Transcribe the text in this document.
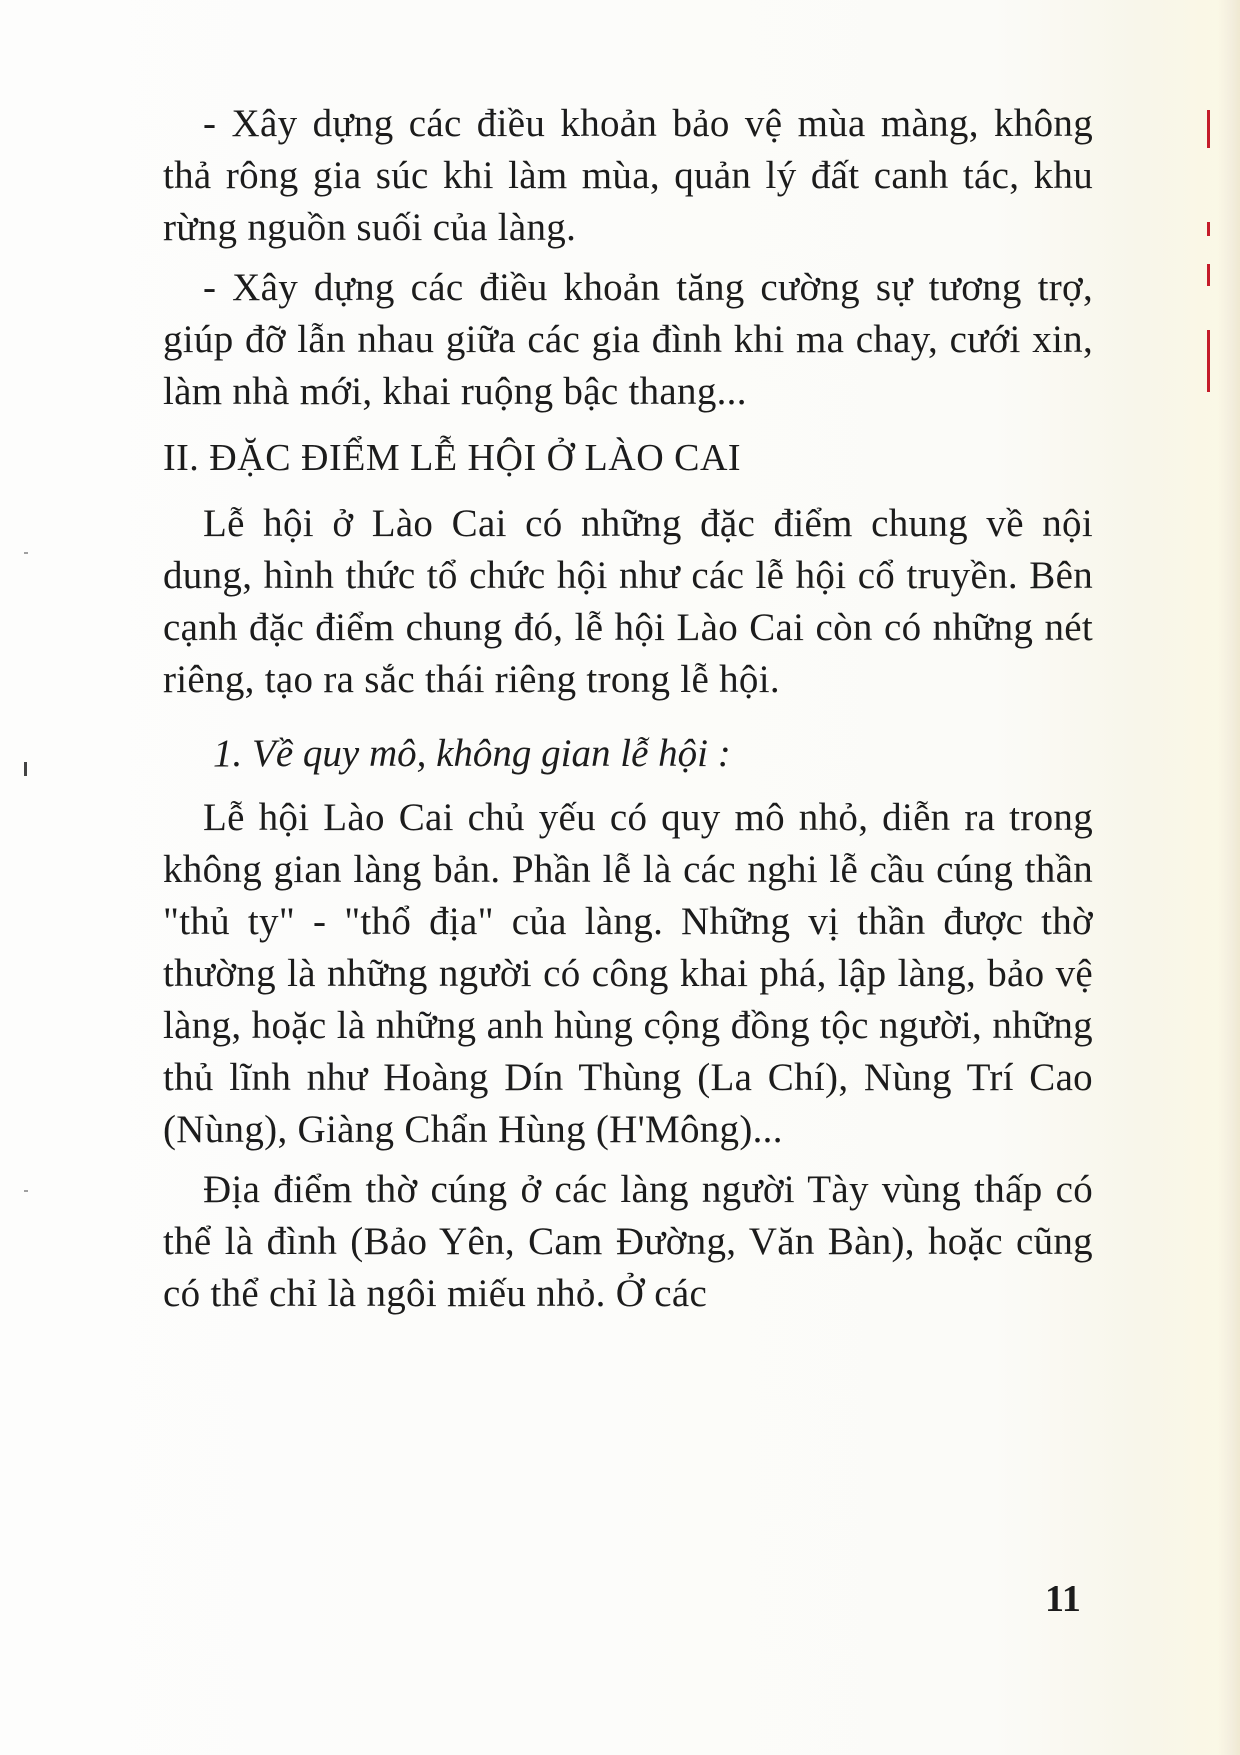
- Xây dựng các điều khoản bảo vệ mùa màng, không thả rông gia súc khi làm mùa, quản lý đất canh tác, khu rừng nguồn suối của làng.

- Xây dựng các điều khoản tăng cường sự tương trợ, giúp đỡ lẫn nhau giữa các gia đình khi ma chay, cưới xin, làm nhà mới, khai ruộng bậc thang...

II. ĐẶC ĐIỂM LỄ HỘI Ở LÀO CAI

Lễ hội ở Lào Cai có những đặc điểm chung về nội dung, hình thức tổ chức hội như các lễ hội cổ truyền. Bên cạnh đặc điểm chung đó, lễ hội Lào Cai còn có những nét riêng, tạo ra sắc thái riêng trong lễ hội.

1. Về quy mô, không gian lễ hội :

Lễ hội Lào Cai chủ yếu có quy mô nhỏ, diễn ra trong không gian làng bản. Phần lễ là các nghi lễ cầu cúng thần "thủ ty" - "thổ địa" của làng. Những vị thần được thờ thường là những người có công khai phá, lập làng, bảo vệ làng, hoặc là những anh hùng cộng đồng tộc người, những thủ lĩnh như Hoàng Dín Thùng (La Chí), Nùng Trí Cao (Nùng), Giàng Chẩn Hùng (H'Mông)...

Địa điểm thờ cúng ở các làng người Tày vùng thấp có thể là đình (Bảo Yên, Cam Đường, Văn Bàn), hoặc cũng có thể chỉ là ngôi miếu nhỏ. Ở các

11
